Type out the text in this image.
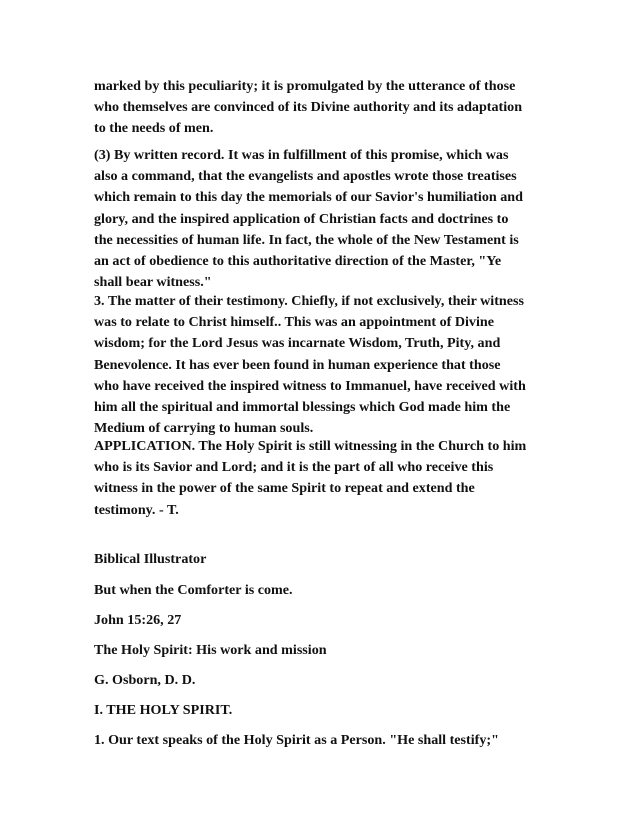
marked by this peculiarity; it is promulgated by the utterance of those
who themselves are convinced of its Divine authority and its adaptation
to the needs of men.
(3) By written record. It was in fulfillment of this promise, which was
also a command, that the evangelists and apostles wrote those treatises
which remain to this day the memorials of our Savior's humiliation and
glory, and the inspired application of Christian facts and doctrines to
the necessities of human life. In fact, the whole of the New Testament is
an act of obedience to this authoritative direction of the Master, "Ye
shall bear witness."
3. The matter of their testimony. Chiefly, if not exclusively, their witness
was to relate to Christ himself.. This was an appointment of Divine
wisdom; for the Lord Jesus was incarnate Wisdom, Truth, Pity, and
Benevolence. It has ever been found in human experience that those
who have received the inspired witness to Immanuel, have received with
him all the spiritual and immortal blessings which God made him the
Medium of carrying to human souls.
APPLICATION. The Holy Spirit is still witnessing in the Church to him
who is its Savior and Lord; and it is the part of all who receive this
witness in the power of the same Spirit to repeat and extend the
testimony. - T.
Biblical Illustrator
But when the Comforter is come.
John 15:26, 27
The Holy Spirit: His work and mission
G. Osborn, D. D.
I. THE HOLY SPIRIT.
1. Our text speaks of the Holy Spirit as a Person. "He shall testify;"
